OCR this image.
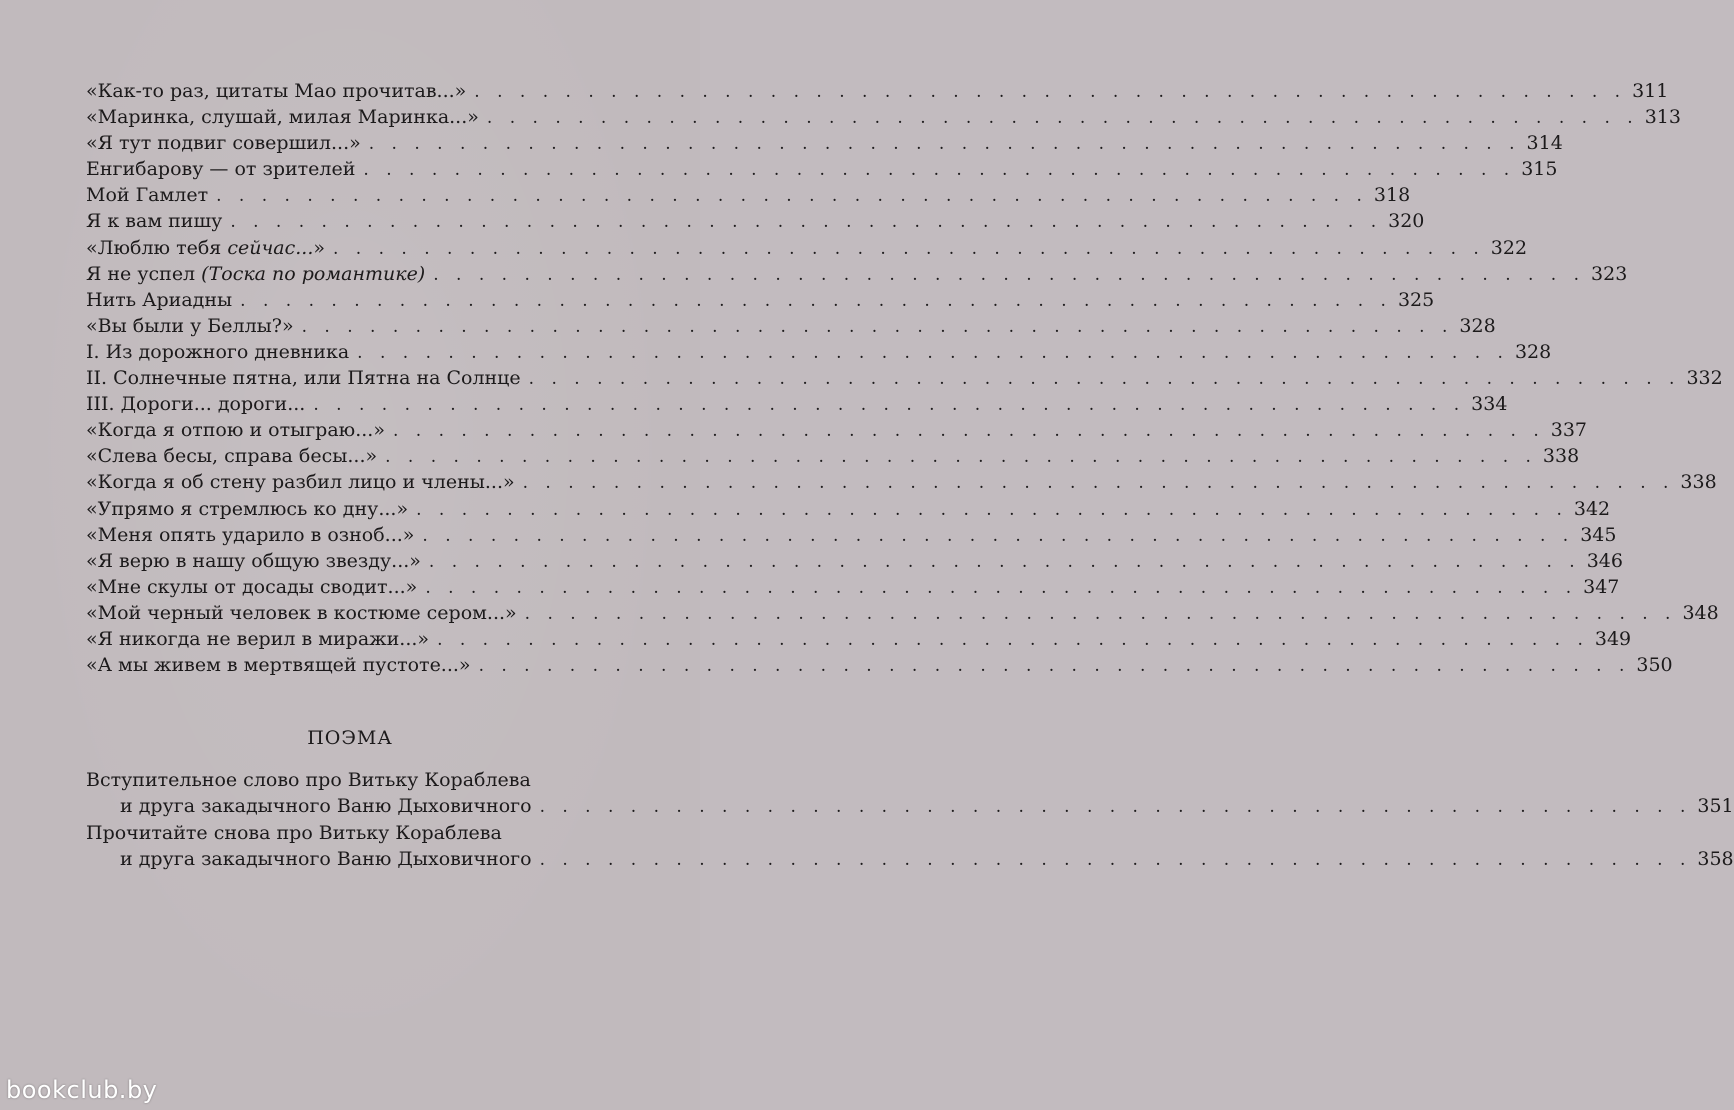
«Как-то раз, цитаты Мао прочитав...» . . . . . . . . . . . . . . . . . . . . . . . . . . . . . . . . . . . . . . . . . . . . . . . . . . . 311
«Маринка, слушай, милая Маринка...» . . . . . . . . . . . . . . . . . . . . . . . . . . . . . . . . . . . . . . . . . . . . . . . . . . . 313
«Я тут подвиг совершил...» . . . . . . . . . . . . . . . . . . . . . . . . . . . . . . . . . . . . . . . . . . . . . . . . . . . 314
Енгибарову — от зрителей . . . . . . . . . . . . . . . . . . . . . . . . . . . . . . . . . . . . . . . . . . . . . . . . . . . 315
Мой Гамлет . . . . . . . . . . . . . . . . . . . . . . . . . . . . . . . . . . . . . . . . . . . . . . . . . . . 318
Я к вам пишу . . . . . . . . . . . . . . . . . . . . . . . . . . . . . . . . . . . . . . . . . . . . . . . . . . . 320
«Люблю тебя сейчас...» . . . . . . . . . . . . . . . . . . . . . . . . . . . . . . . . . . . . . . . . . . . . . . . . . . . 322
Я не успел (Тоска по романтике) . . . . . . . . . . . . . . . . . . . . . . . . . . . . . . . . . . . . . . . . . . . . . . . . . . . 323
Нить Ариадны . . . . . . . . . . . . . . . . . . . . . . . . . . . . . . . . . . . . . . . . . . . . . . . . . . . 325
«Вы были у Беллы?» . . . . . . . . . . . . . . . . . . . . . . . . . . . . . . . . . . . . . . . . . . . . . . . . . . . 328
I. Из дорожного дневника . . . . . . . . . . . . . . . . . . . . . . . . . . . . . . . . . . . . . . . . . . . . . . . . . . . 328
II. Солнечные пятна, или Пятна на Солнце . . . . . . . . . . . . . . . . . . . . . . . . . . . . . . . . . . . . . . . . . . . . . . . . . . . 332
III. Дороги... дороги... . . . . . . . . . . . . . . . . . . . . . . . . . . . . . . . . . . . . . . . . . . . . . . . . . . . 334
«Когда я отпою и отыграю...» . . . . . . . . . . . . . . . . . . . . . . . . . . . . . . . . . . . . . . . . . . . . . . . . . . . 337
«Слева бесы, справа бесы...» . . . . . . . . . . . . . . . . . . . . . . . . . . . . . . . . . . . . . . . . . . . . . . . . . . . 338
«Когда я об стену разбил лицо и члены...» . . . . . . . . . . . . . . . . . . . . . . . . . . . . . . . . . . . . . . . . . . . . . . . . . . . 338
«Упрямо я стремлюсь ко дну...» . . . . . . . . . . . . . . . . . . . . . . . . . . . . . . . . . . . . . . . . . . . . . . . . . . . 342
«Меня опять ударило в озноб...» . . . . . . . . . . . . . . . . . . . . . . . . . . . . . . . . . . . . . . . . . . . . . . . . . . . 345
«Я верю в нашу общую звезду...» . . . . . . . . . . . . . . . . . . . . . . . . . . . . . . . . . . . . . . . . . . . . . . . . . . . 346
«Мне скулы от досады сводит...» . . . . . . . . . . . . . . . . . . . . . . . . . . . . . . . . . . . . . . . . . . . . . . . . . . . 347
«Мой черный человек в костюме сером...» . . . . . . . . . . . . . . . . . . . . . . . . . . . . . . . . . . . . . . . . . . . . . . . . . . . 348
«Я никогда не верил в миражи...» . . . . . . . . . . . . . . . . . . . . . . . . . . . . . . . . . . . . . . . . . . . . . . . . . . . 349
«А мы живем в мертвящей пустоте...» . . . . . . . . . . . . . . . . . . . . . . . . . . . . . . . . . . . . . . . . . . . . . . . . . . . 350
ПОЭМА
Вступительное слово про Витьку Кораблева
и друга закадычного Ваню Дыховичного . . . . . . . . . . . . . . . . . . . . . . . . . . . . . . . . . . . . . . . . . . . . . . . . . . . 351
Прочитайте снова про Витьку Кораблева
и друга закадычного Ваню Дыховичного . . . . . . . . . . . . . . . . . . . . . . . . . . . . . . . . . . . . . . . . . . . . . . . . . . . 358
bookclub.by
